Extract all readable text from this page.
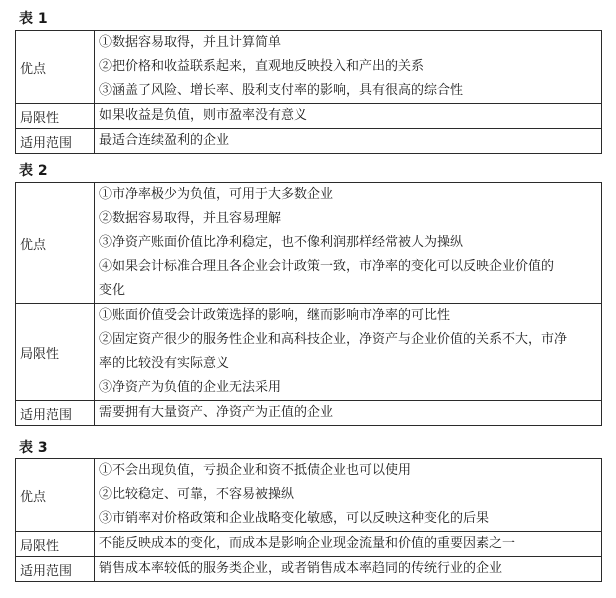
表 1
优点	①数据容易取得，并且计算简单
②把价格和收益联系起来，直观地反映投入和产出的关系
③涵盖了风险、增长率、股利支付率的影响，具有很高的综合性

局限性	如果收益是负值，则市盈率没有意义

适用范围	最适合连续盈利的企业
表 2
优点	①市净率极少为负值，可用于大多数企业
②数据容易取得，并且容易理解
③净资产账面价值比净利稳定，也不像利润那样经常被人为操纵
④如果会计标准合理且各企业会计政策一致，市净率的变化可以反映企业价值的
变化

局限性	①账面价值受会计政策选择的影响，继而影响市净率的可比性
②固定资产很少的服务性企业和高科技企业，净资产与企业价值的关系不大，市净
率的比较没有实际意义
③净资产为负值的企业无法采用

适用范围	需要拥有大量资产、净资产为正值的企业
表 3
优点	①不会出现负值，亏损企业和资不抵债企业也可以使用
②比较稳定、可靠，不容易被操纵
③市销率对价格政策和企业战略变化敏感，可以反映这种变化的后果

局限性	不能反映成本的变化，而成本是影响企业现金流量和价值的重要因素之一

适用范围	销售成本率较低的服务类企业，或者销售成本率趋同的传统行业的企业
